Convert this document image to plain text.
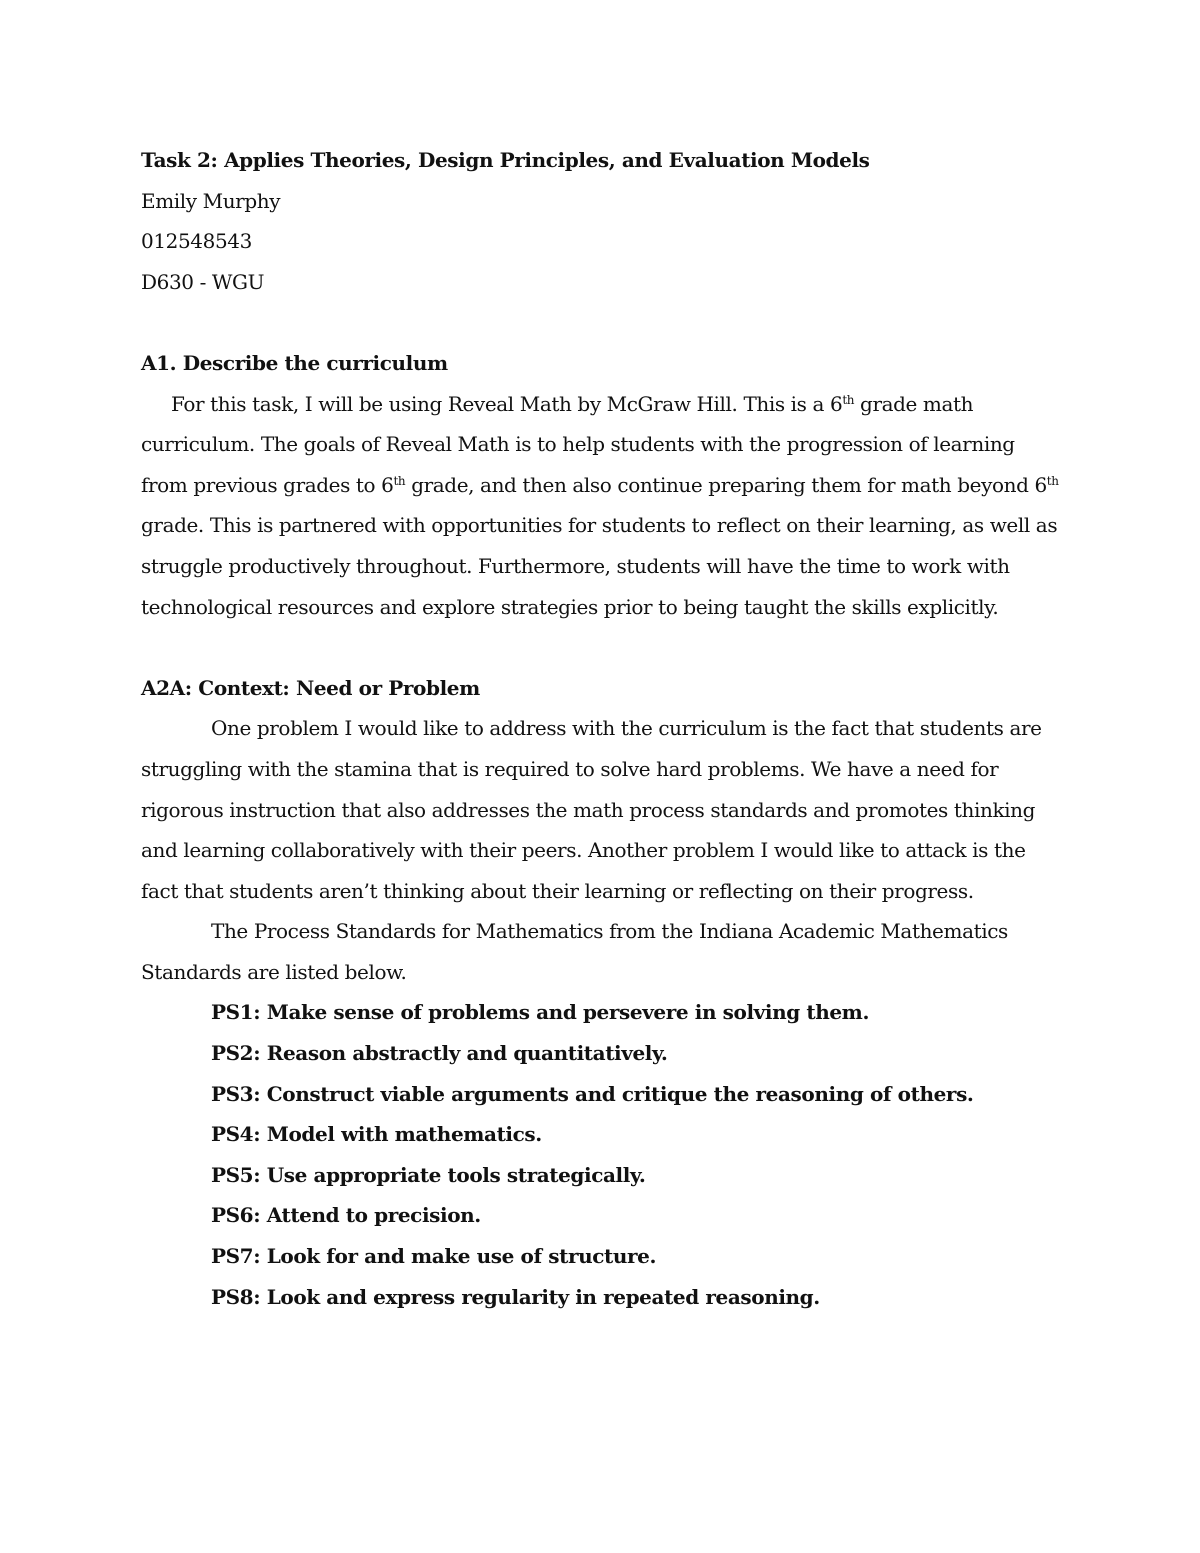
Task 2: Applies Theories, Design Principles, and Evaluation Models

Emily Murphy

012548543

D630 - WGU

A1. Describe the curriculum

For this task, I will be using Reveal Math by McGraw Hill. This is a 6th grade math curriculum. The goals of Reveal Math is to help students with the progression of learning from previous grades to 6th grade, and then also continue preparing them for math beyond 6th grade. This is partnered with opportunities for students to reflect on their learning, as well as struggle productively throughout. Furthermore, students will have the time to work with technological resources and explore strategies prior to being taught the skills explicitly.

A2A: Context: Need or Problem

One problem I would like to address with the curriculum is the fact that students are struggling with the stamina that is required to solve hard problems. We have a need for rigorous instruction that also addresses the math process standards and promotes thinking and learning collaboratively with their peers. Another problem I would like to attack is the fact that students aren’t thinking about their learning or reflecting on their progress.

The Process Standards for Mathematics from the Indiana Academic Mathematics Standards are listed below.

PS1: Make sense of problems and persevere in solving them.
PS2: Reason abstractly and quantitatively.
PS3: Construct viable arguments and critique the reasoning of others.
PS4: Model with mathematics.
PS5: Use appropriate tools strategically.
PS6: Attend to precision.
PS7: Look for and make use of structure.
PS8: Look and express regularity in repeated reasoning.
